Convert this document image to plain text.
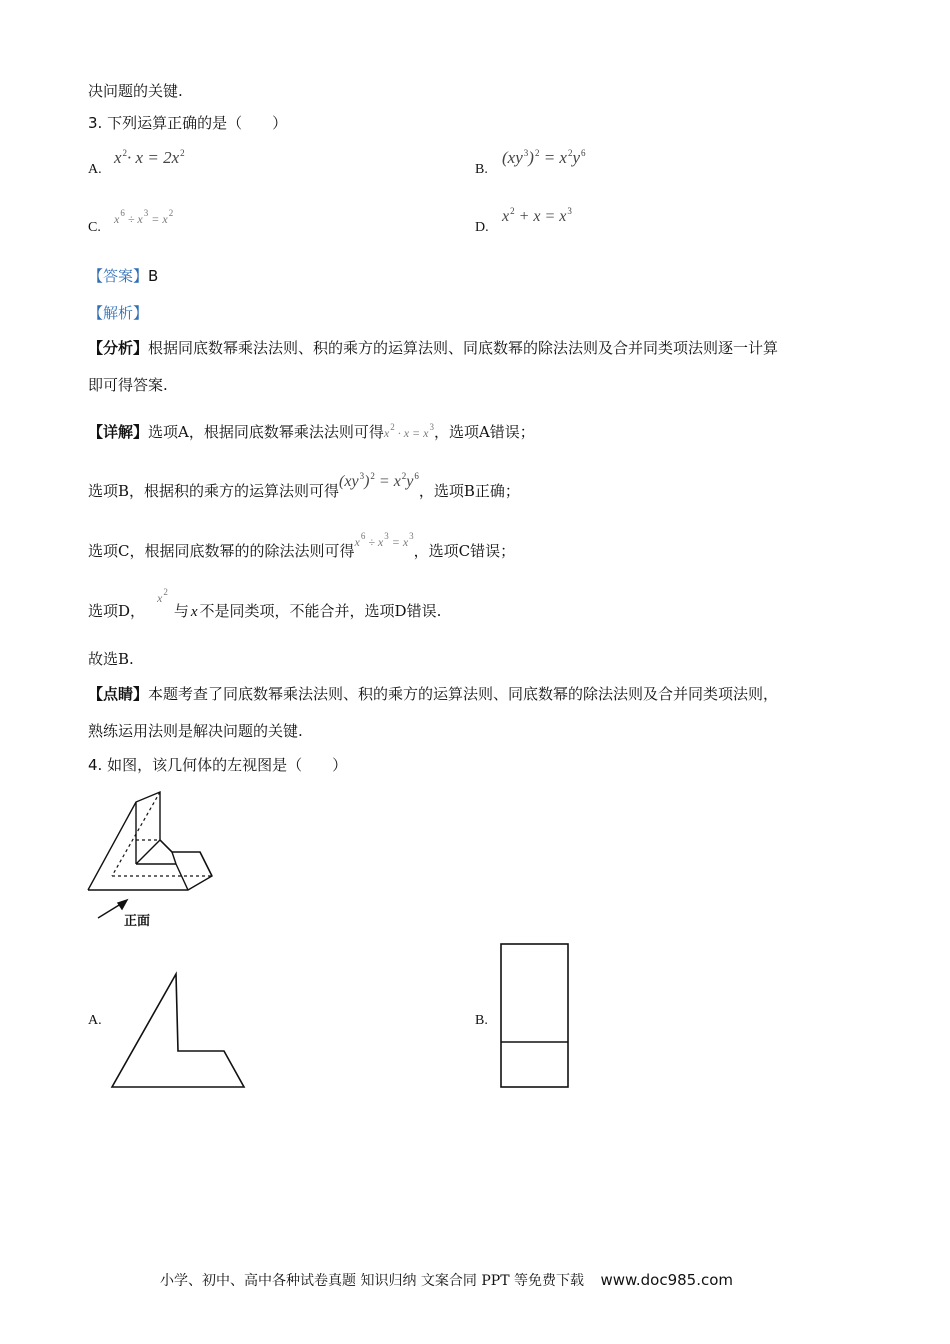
决问题的关键.
3. 下列运算正确的是（　　）
A.
$x^2\cdot x = 2x^2$
B.
$(xy^3)^2 = x^2y^6$
C.
$x^6 \div x^3 = x^2$
D.
$x^2 + x = x^3$
【答案】B
【解析】
【分析】根据同底数幂乘法法则、积的乘方的运算法则、同底数幂的除法法则及合并同类项法则逐一计算
即可得答案.
【详解】选项A，根据同底数幂乘法法则可得$x^2 \cdot x = x^3$，选项A错误；
选项B，根据积的乘方的运算法则可得$(xy^3)^2 = x^2y^6$，选项B正确；
选项C，根据同底数幂的的除法法则可得$^{x^6 \div x^3 = x^3}$，选项C错误；
选项D，$^{x^2}$与 x 不是同类项，不能合并，选项D错误.
故选B.
【点睛】本题考查了同底数幂乘法法则、积的乘方的运算法则、同底数幂的除法法则及合并同类项法则，
熟练运用法则是解决问题的关键.
4. 如图，该几何体的左视图是（　　）
正面
A.	B.
小学、初中、高中各种试卷真题 知识归纳 文案合同 PPT 等免费下载 www.doc985.com
